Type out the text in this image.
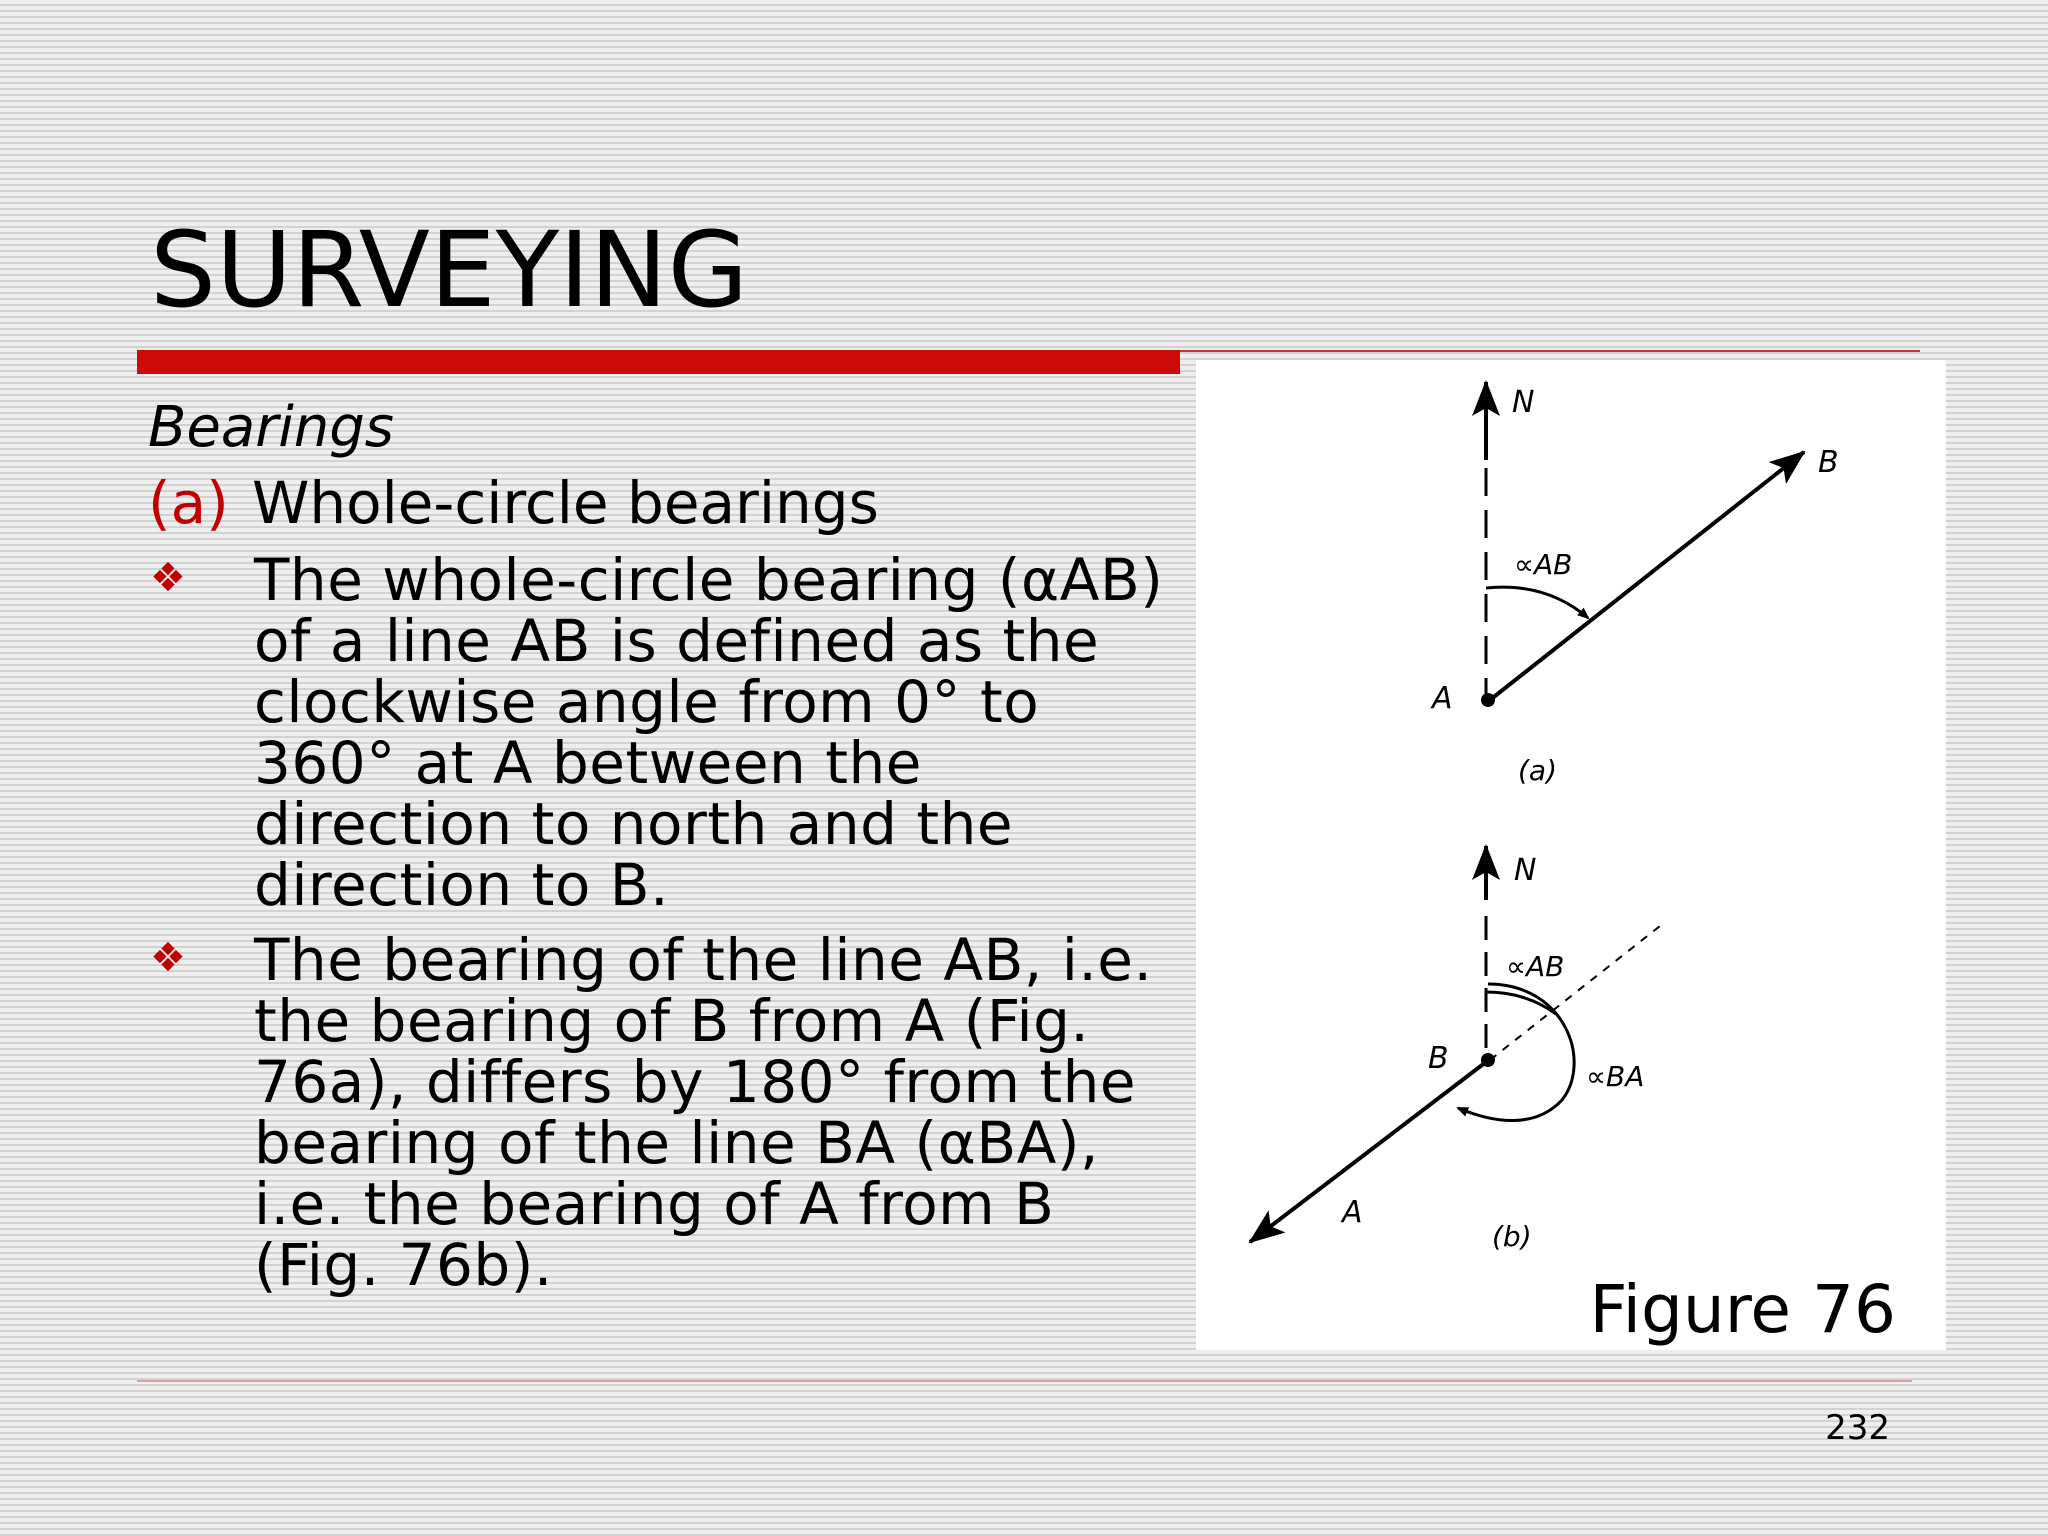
SURVEYING

Bearings

(a) Whole-circle bearings
❖	The whole-circle bearing (αAB) of a line AB is defined as the clockwise angle from 0° to 360° at A between the direction to north and the direction to B.
❖	The bearing of the line AB, i.e. the bearing of B from A (Fig. 76a), differs by 180° from the bearing of the line BA (αBA), i.e. the bearing of A from B (Fig. 76b).
N
B
A
∝AB
(a)
N
B
A
∝AB
∝BA
(b)
Figure 76
232
